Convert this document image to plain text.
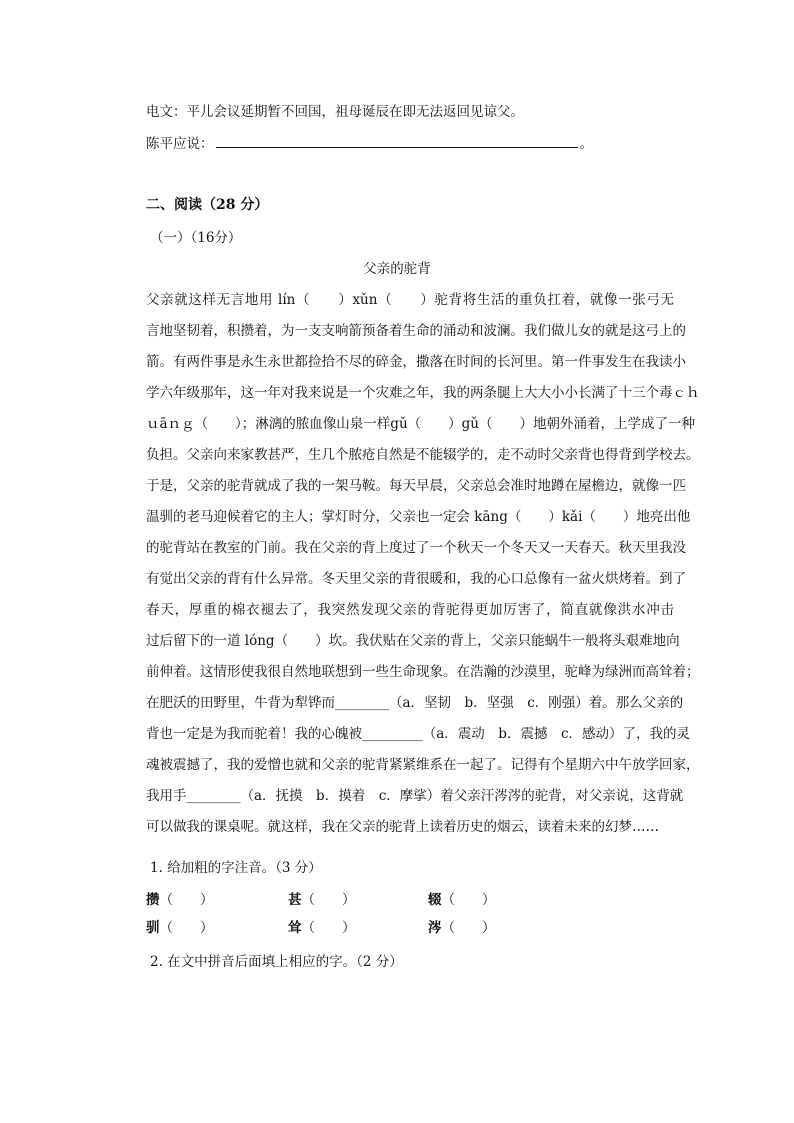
电文：平儿会议延期暂不回国，祖母诞辰在即无法返回见谅父。
陈平应说：	。
二、阅读（28 分）
（一）（16分）
父亲的驼背
父亲就这样无言地用 lín（　　）xǔn（　　）驼背将生活的重负扛着，就像一张弓无
言地坚韧着，积攒着，为一支支响箭预备着生命的涌动和波澜。我们做儿女的就是这弓上的
箭。有两件事是永生永世都捡拾不尽的碎金，撒落在时间的长河里。第一件事发生在我读小
学六年级那年，这一年对我来说是一个灾难之年，我的两条腿上大大小小长满了十三个毒ｃｈ
ｕāｎｇ（　　）；淋漓的脓血像山泉一样gǔ（　　）gǔ（　　）地朝外涌着，上学成了一种
负担。父亲向来家教甚严，生几个脓疮自然是不能辍学的，走不动时父亲背也得背到学校去。
于是，父亲的驼背就成了我的一架马鞍。每天早晨，父亲总会准时地蹲在屋檐边，就像一匹
温驯的老马迎候着它的主人；掌灯时分，父亲也一定会 kāng（　　）kǎi（　　）地亮出他
的驼背站在教室的门前。我在父亲的背上度过了一个秋天一个冬天又一天春天。秋天里我没
有觉出父亲的背有什么异常。冬天里父亲的背很暖和，我的心口总像有一盆火烘烤着。到了
春天，厚重的棉衣褪去了，我突然发现父亲的背驼得更加厉害了，简直就像洪水冲击
过后留下的一道 lóng（　　）坎。我伏贴在父亲的背上，父亲只能蜗牛一般将头艰难地向
前伸着。这情形使我很自然地联想到一些生命现象。在浩瀚的沙漠里，驼峰为绿洲而高耸着；
在肥沃的田野里，牛背为犁铧而________（a．坚韧　b．坚强　c．刚强）着。那么父亲的
背也一定是为我而驼着！我的心魄被_________（a．震动　b．震撼　c．感动）了，我的灵
魂被震撼了，我的爱憎也就和父亲的驼背紧紧维系在一起了。记得有个星期六中午放学回家，
我用手________（a．抚摸　b．摸着　c．摩挲）着父亲汗涔涔的驼背，对父亲说，这背就
可以做我的课桌呢。就这样，我在父亲的驼背上读着历史的烟云，读着未来的幻梦……
1. 给加粗的字注音。（3 分）
攒（　　）	甚（　　）	辍（　　）
驯（　　）	耸（　　）	涔（　　）
2. 在文中拼音后面填上相应的字。（2 分）
